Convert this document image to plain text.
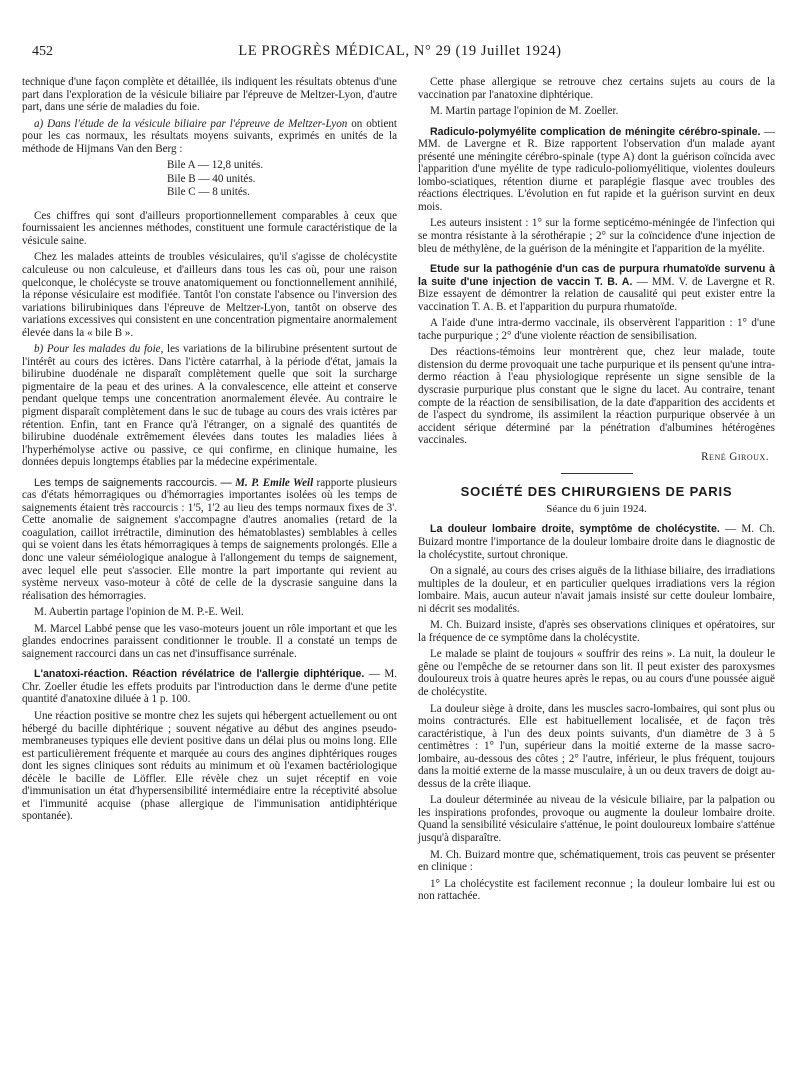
452	LE PROGRÈS MÉDICAL, N° 29 (19 Juillet 1924)

technique d'une façon complète et détaillée, ils indiquent les résultats obtenus d'une part dans l'exploration de la vésicule biliaire par l'épreuve de Meltzer-Lyon, d'autre part, dans une série de maladies du foie.

a) Dans l'étude de la vésicule biliaire par l'épreuve de Meltzer-Lyon on obtient pour les cas normaux, les résultats moyens suivants, exprimés en unités de la méthode de Hijmans Van den Berg :

Bile A — 12,8 unités.
Bile B — 40 unités.
Bile C — 8 unités.

Ces chiffres qui sont d'ailleurs proportionnellement comparables à ceux que fournissaient les anciennes méthodes, constituent une formule caractéristique de la vésicule saine.

Chez les malades atteints de troubles vésiculaires, qu'il s'agisse de cholécystite calculeuse ou non calculeuse, et d'ailleurs dans tous les cas où, pour une raison quelconque, le cholécyste se trouve anatomiquement ou fonctionnellement annihilé, la réponse vésiculaire est modifiée. Tantôt l'on constate l'absence ou l'inversion des variations bilirubiniques dans l'épreuve de Meltzer-Lyon, tantôt on observe des variations excessives qui consistent en une concentration pigmentaire anormalement élevée dans la « bile B ».

b) Pour les malades du foie, les variations de la bilirubine présentent surtout de l'intérêt au cours des ictères. Dans l'ictère catarrhal, à la période d'état, jamais la bilirubine duodénale ne disparaît complètement quelle que soit la surcharge pigmentaire de la peau et des urines. A la convalescence, elle atteint et conserve pendant quelque temps une concentration anormalement élevée. Au contraire le pigment disparaît complètement dans le suc de tubage au cours des vrais ictères par rétention. Enfin, tant en France qu'à l'étranger, on a signalé des quantités de bilirubine duodénale extrêmement élevées dans toutes les maladies liées à l'hyperhémolyse active ou passive, ce qui confirme, en clinique humaine, les données depuis longtemps établies par la médecine expérimentale.

Les temps de saignements raccourcis. — M. P. Emile Weil rapporte plusieurs cas d'états hémorragiques ou d'hémorragies importantes isolées où les temps de saignements étaient très raccourcis : 1'5, 1'2 au lieu des temps normaux fixes de 3'. Cette anomalie de saignement s'accompagne d'autres anomalies (retard de la coagulation, caillot irrétractile, diminution des hématoblastes) semblables à celles qui se voient dans les états hémorragiques à temps de saignements prolongés. Elle a donc une valeur séméiologique analogue à l'allongement du temps de saignement, avec lequel elle peut s'associer. Elle montre la part importante qui revient au système nerveux vaso-moteur à côté de celle de la dyscrasie sanguine dans la réalisation des hémorragies.

M. Aubertin partage l'opinion de M. P.-E. Weil.

M. Marcel Labbé pense que les vaso-moteurs jouent un rôle important et que les glandes endocrines paraissent conditionner le trouble. Il a constaté un temps de saignement raccourci dans un cas net d'insuffisance surrénale.

L'anatoxi-réaction. Réaction révélatrice de l'allergie diphtérique. — M. Chr. Zoeller étudie les effets produits par l'introduction dans le derme d'une petite quantité d'anatoxine diluée à 1 p. 100.

Une réaction positive se montre chez les sujets qui hébergent actuellement ou ont hébergé du bacille diphtérique ; souvent négative au début des angines pseudo-membraneuses typiques elle devient positive dans un délai plus ou moins long. Elle est particulièrement fréquente et marquée au cours des angines diphtériques rouges dont les signes cliniques sont réduits au minimum et où l'examen bactériologique décèle le bacille de Löffler. Elle révèle chez un sujet réceptif en voie d'immunisation un état d'hypersensibilité intermédiaire entre la réceptivité absolue et l'immunité acquise (phase allergique de l'immunisation antidiphtérique spontanée).

Cette phase allergique se retrouve chez certains sujets au cours de la vaccination par l'anatoxine diphtérique.

M. Martin partage l'opinion de M. Zoeller.

Radiculo-polymyélite complication de méningite cérébro-spinale. — MM. de Lavergne et R. Bize rapportent l'observation d'un malade ayant présenté une méningite cérébro-spinale (type A) dont la guérison coïncida avec l'apparition d'une myélite de type radiculo-poliomyélitique, violentes douleurs lombo-sciatiques, rétention diurne et paraplégie flasque avec troubles des réactions électriques. L'évolution en fut rapide et la guérison survint en deux mois.

Les auteurs insistent : 1° sur la forme septicémo-méningée de l'infection qui se montra résistante à la sérothérapie ; 2° sur la coïncidence d'une injection de bleu de méthylène, de la guérison de la méningite et l'apparition de la myélite.

Etude sur la pathogénie d'un cas de purpura rhumatoïde survenu à la suite d'une injection de vaccin T. B. A. — MM. V. de Lavergne et R. Bize essayent de démontrer la relation de causalité qui peut exister entre la vaccination T. A. B. et l'apparition du purpura rhumatoïde.

A l'aide d'une intra-dermo vaccinale, ils observèrent l'apparition : 1° d'une tache purpurique ; 2° d'une violente réaction de sensibilisation.

Des réactions-témoins leur montrèrent que, chez leur malade, toute distension du derme provoquait une tache purpurique et ils pensent qu'une intra-dermo réaction à l'eau physiologique représente un signe sensible de la dyscrasie purpurique plus constant que le signe du lacet. Au contraire, tenant compte de la réaction de sensibilisation, de la date d'apparition des accidents et de l'aspect du syndrome, ils assimilent la réaction purpurique observée à un accident sérique déterminé par la pénétration d'albumines hétérogènes vaccinales.

René Giroux.
SOCIÉTÉ DES CHIRURGIENS DE PARIS
Séance du 6 juin 1924.

La douleur lombaire droite, symptôme de cholécystite. — M. Ch. Buizard montre l'importance de la douleur lombaire droite dans le diagnostic de la cholécystite, surtout chronique.

On a signalé, au cours des crises aiguës de la lithiase biliaire, des irradiations multiples de la douleur, et en particulier quelques irradiations vers la région lombaire. Mais, aucun auteur n'avait jamais insisté sur cette douleur lombaire, ni décrit ses modalités.

M. Ch. Buizard insiste, d'après ses observations cliniques et opératoires, sur la fréquence de ce symptôme dans la cholécystite.

Le malade se plaint de toujours « souffrir des reins ». La nuit, la douleur le gêne ou l'empêche de se retourner dans son lit. Il peut exister des paroxysmes douloureux trois à quatre heures après le repas, ou au cours d'une poussée aiguë de cholécystite.

La douleur siège à droite, dans les muscles sacro-lombaires, qui sont plus ou moins contracturés. Elle est habituellement localisée, et de façon très caractéristique, à l'un des deux points suivants, d'un diamètre de 3 à 5 centimètres : 1° l'un, supérieur dans la moitié externe de la masse sacro-lombaire, au-dessous des côtes ; 2° l'autre, inférieur, le plus fréquent, toujours dans la moitié externe de la masse musculaire, à un ou deux travers de doigt au-dessus de la crête iliaque.

La douleur déterminée au niveau de la vésicule biliaire, par la palpation ou les inspirations profondes, provoque ou augmente la douleur lombaire droite. Quand la sensibilité vésiculaire s'atténue, le point douloureux lombaire s'atténue jusqu'à disparaître.

M. Ch. Buizard montre que, schématiquement, trois cas peuvent se présenter en clinique :

1° La cholécystite est facilement reconnue ; la douleur lombaire lui est ou non rattachée.
